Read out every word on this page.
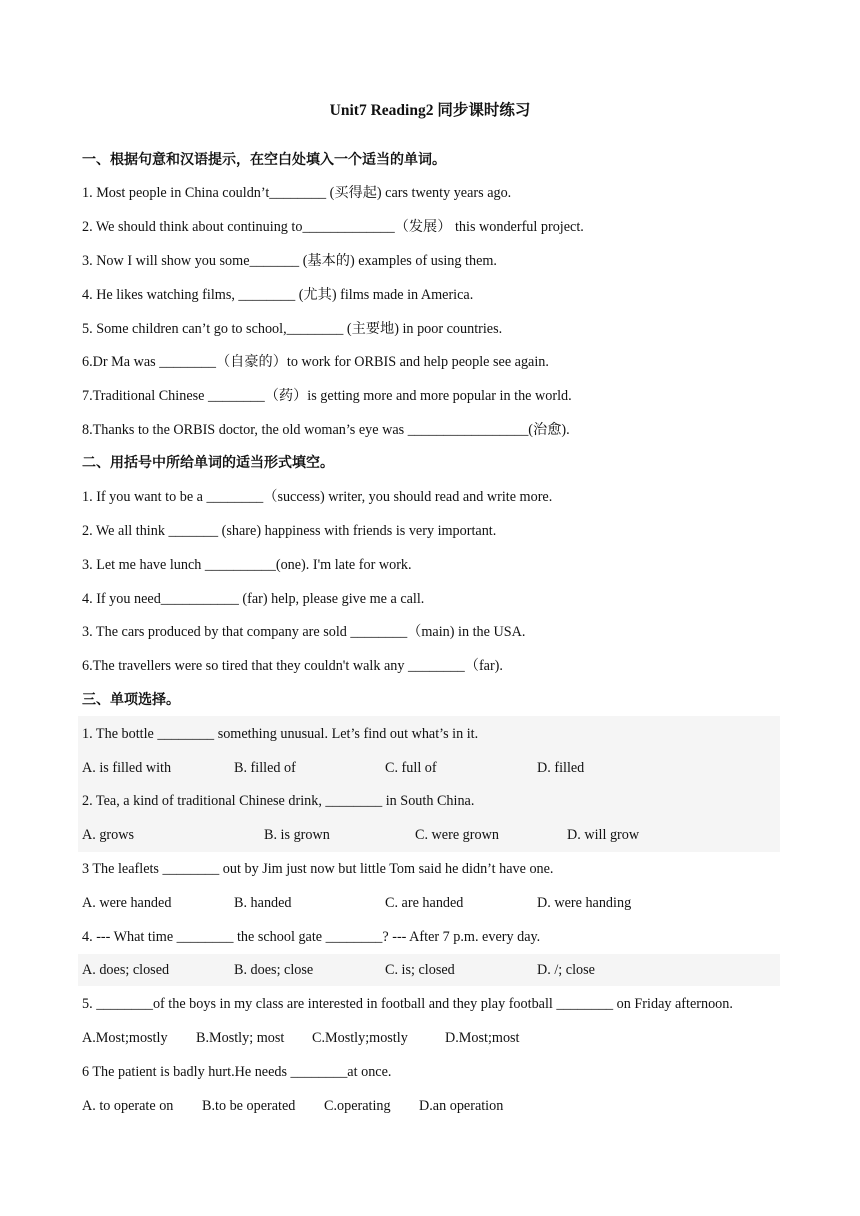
Unit7 Reading2 同步课时练习
一、根据句意和汉语提示，在空白处填入一个适当的单词。
1. Most people in China couldn’t________ (买得起) cars twenty years ago.
2. We should think about continuing to_____________（发展） this wonderful project.
3. Now I will show you some_______ (基本的) examples of using them.
4. He likes watching films, ________ (尤其) films made in America.
5. Some children can’t go to school,________ (主要地) in poor countries.
6.Dr Ma was ________（自豪的）to work for ORBIS and help people see again.
7.Traditional Chinese ________（药）is getting more and more popular in the world.
8.Thanks to the ORBIS doctor, the old woman’s eye was _________________(治愈).
二、用括号中所给单词的适当形式填空。
1. If you want to be a ________（success) writer, you should read and write more.
2. We all think _______ (share) happiness with friends is very important.
3. Let me have lunch __________(one). I'm late for work.
4. If you need___________ (far) help, please give me a call.
3. The cars produced by that company are sold ________（main) in the USA.
6.The travellers were so tired that they couldn't walk any ________（far).
三、单项选择。
1. The bottle ________ something unusual. Let’s find out what’s in it.
A. is filled with	B. filled of	C. full of	D. filled
2. Tea, a kind of traditional Chinese drink, ________ in South China.
A. grows	B. is grown	C. were grown	D. will grow
3 The leaflets ________ out by Jim just now but little Tom said he didn’t have one.
A. were handed	B. handed	C. are handed	D. were handing
4. --- What time ________ the school gate ________? --- After 7 p.m. every day.
A. does; closed	B. does; close	C. is; closed	D. /; close
5. ________of the boys in my class are interested in football and they play football ________ on Friday afternoon.
A.Most;mostly B.Mostly; most C.Mostly;mostly	D.Most;most
6 The patient is badly hurt.He needs ________at once.
A. to operate on B.to be operated C.operating D.an operation
